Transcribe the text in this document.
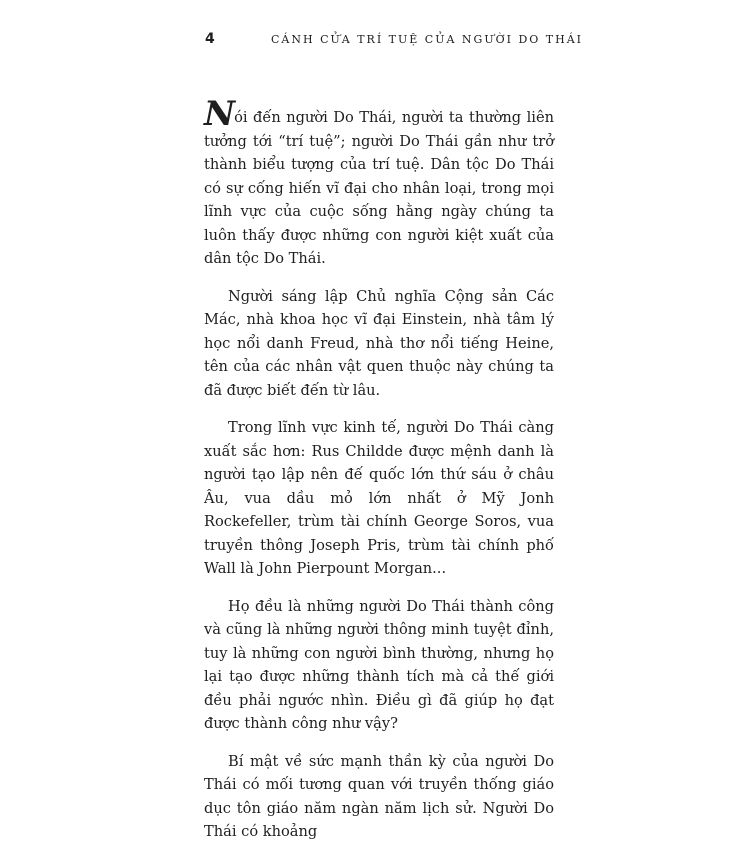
4	CÁNH CỬA TRÍ TUỆ CỦA NGƯỜI DO THÁI

Nói đến người Do Thái, người ta thường liên tưởng tới “trí tuệ”; người Do Thái gần như trở thành biểu tượng của trí tuệ. Dân tộc Do Thái có sự cống hiến vĩ đại cho nhân loại, trong mọi lĩnh vực của cuộc sống hằng ngày chúng ta luôn thấy được những con người kiệt xuất của dân tộc Do Thái.

Người sáng lập Chủ nghĩa Cộng sản Các Mác, nhà khoa học vĩ đại Einstein, nhà tâm lý học nổi danh Freud, nhà thơ nổi tiếng Heine, tên của các nhân vật quen thuộc này chúng ta đã được biết đến từ lâu.

Trong lĩnh vực kinh tế, người Do Thái càng xuất sắc hơn: Rus Childde được mệnh danh là người tạo lập nên đế quốc lớn thứ sáu ở châu Âu, vua dầu mỏ lớn nhất ở Mỹ Jonh Rockefeller, trùm tài chính George Soros, vua truyền thông Joseph Pris, trùm tài chính phố Wall là John Pierpount Morgan...

Họ đều là những người Do Thái thành công và cũng là những người thông minh tuyệt đỉnh, tuy là những con người bình thường, nhưng họ lại tạo được những thành tích mà cả thế giới đều phải ngước nhìn. Điều gì đã giúp họ đạt được thành công như vậy?

Bí mật về sức mạnh thần kỳ của người Do Thái có mối tương quan với truyền thống giáo dục tôn giáo năm ngàn năm lịch sử. Người Do Thái có khoảng
